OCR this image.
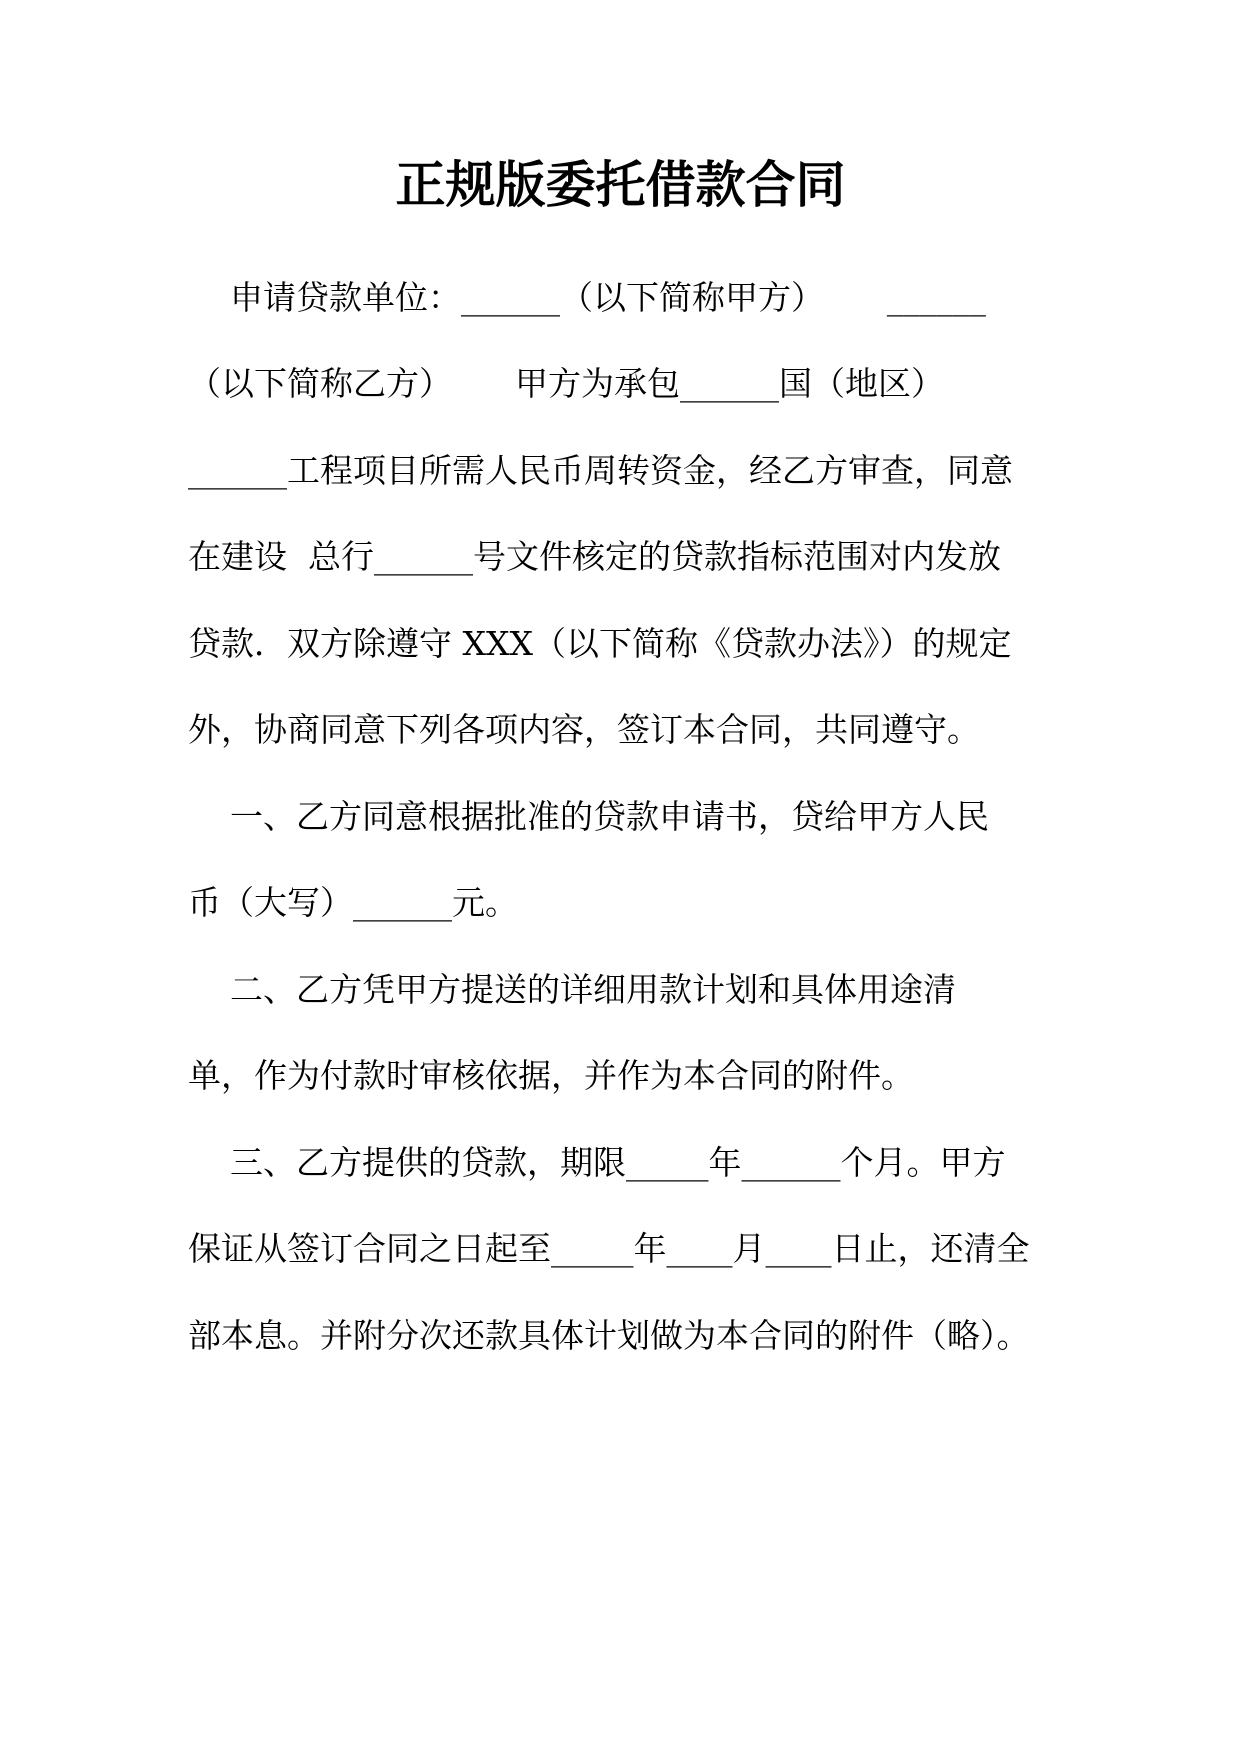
正规版委托借款合同
申请贷款单位：______（以下简称甲方）      ______
（以下简称乙方）      甲方为承包______国（地区）
______工程项目所需人民币周转资金，经乙方审查，同意
在建设  总行______号文件核定的贷款指标范围对内发放
贷款．双方除遵守 XXX（以下简称《贷款办法》）的规定
外，协商同意下列各项内容，签订本合同，共同遵守。
一、乙方同意根据批准的贷款申请书，贷给甲方人民
币（大写）______元。
二、乙方凭甲方提送的详细用款计划和具体用途清
单，作为付款时审核依据，并作为本合同的附件。
三、乙方提供的贷款，期限_____年______个月。甲方
保证从签订合同之日起至_____年____月____日止，还清全
部本息。并附分次还款具体计划做为本合同的附件（略）。
